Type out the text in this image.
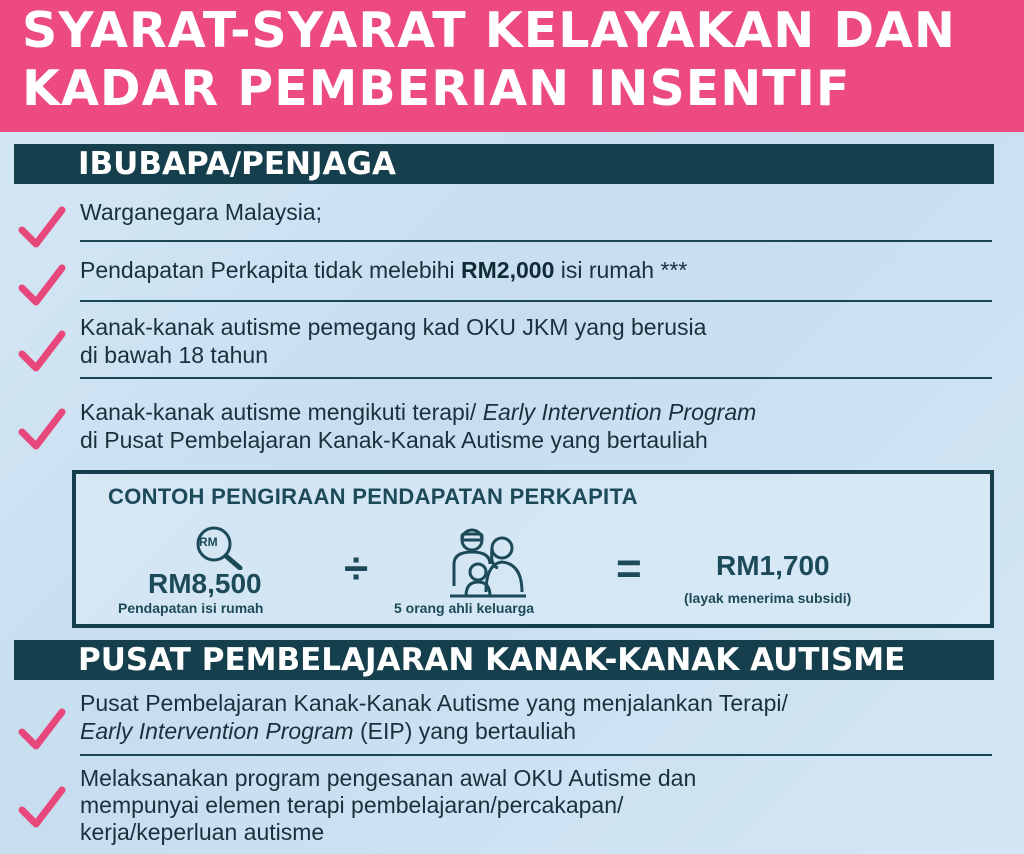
SYARAT-SYARAT KELAYAKAN DAN
KADAR PEMBERIAN INSENTIF
IBUBAPA/PENJAGA
Warganegara Malaysia;
Pendapatan Perkapita tidak melebihi RM2,000 isi rumah ***
Kanak-kanak autisme pemegang kad OKU JKM yang berusia
di bawah 18 tahun
Kanak-kanak autisme mengikuti terapi/ Early Intervention Program
di Pusat Pembelajaran Kanak-Kanak Autisme yang bertauliah
CONTOH PENGIRAAN PENDAPATAN PERKAPITA
RM
RM8,500
Pendapatan isi rumah
÷
5 orang ahli keluarga
=	RM1,700
(layak menerima subsidi)
PUSAT PEMBELAJARAN KANAK-KANAK AUTISME
Pusat Pembelajaran Kanak-Kanak Autisme yang menjalankan Terapi/
Early Intervention Program (EIP) yang bertauliah
Melaksanakan program pengesanan awal OKU Autisme dan
mempunyai elemen terapi pembelajaran/percakapan/
kerja/keperluan autisme
